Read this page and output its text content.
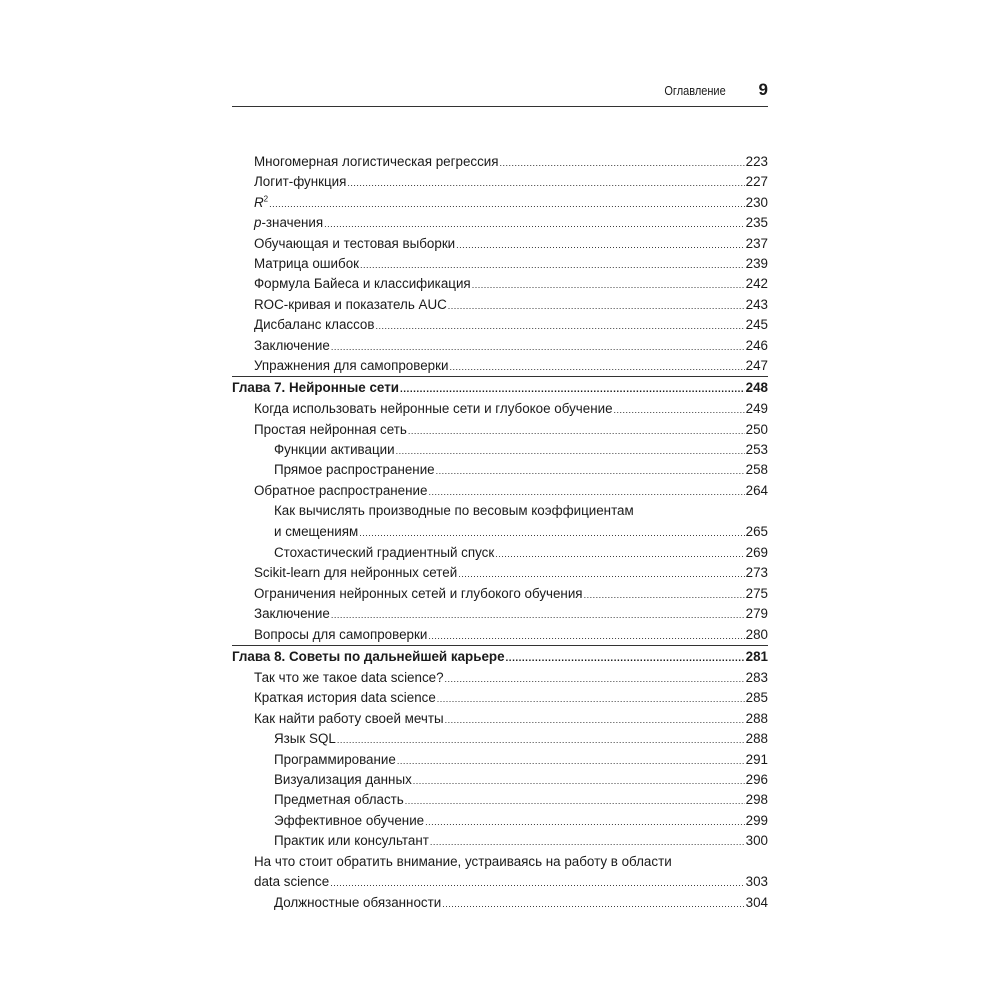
Оглавление 9
Многомерная логистическая регрессия .....	223
Логит-функция .....	227
$R^2$ .....	230
p-значения .....	235
Обучающая и тестовая выборки .....	237
Матрица ошибок .....	239
Формула Байеса и классификация .....	242
ROC-кривая и показатель AUC .....	243
Дисбаланс классов .....	245
Заключение .....	246
Упражнения для самопроверки .....	247
Глава 7. Нейронные сети .....	248
Когда использовать нейронные сети и глубокое обучение .....	249
Простая нейронная сеть .....	250
Функции активации .....	253
Прямое распространение .....	258
Обратное распространение .....	264
Как вычислять производные по весовым коэффициентам
и смещениям .....	265
Стохастический градиентный спуск .....	269
Scikit-learn для нейронных сетей .....	273
Ограничения нейронных сетей и глубокого обучения .....	275
Заключение .....	279
Вопросы для самопроверки .....	280
Глава 8. Советы по дальнейшей карьере .....	281
Так что же такое data science? .....	283
Краткая история data science .....	285
Как найти работу своей мечты .....	288
Язык SQL .....	288
Программирование .....	291
Визуализация данных .....	296
Предметная область .....	298
Эффективное обучение .....	299
Практик или консультант .....	300
На что стоит обратить внимание, устраиваясь на работу в области
data science .....	303
Должностные обязанности .....	304
